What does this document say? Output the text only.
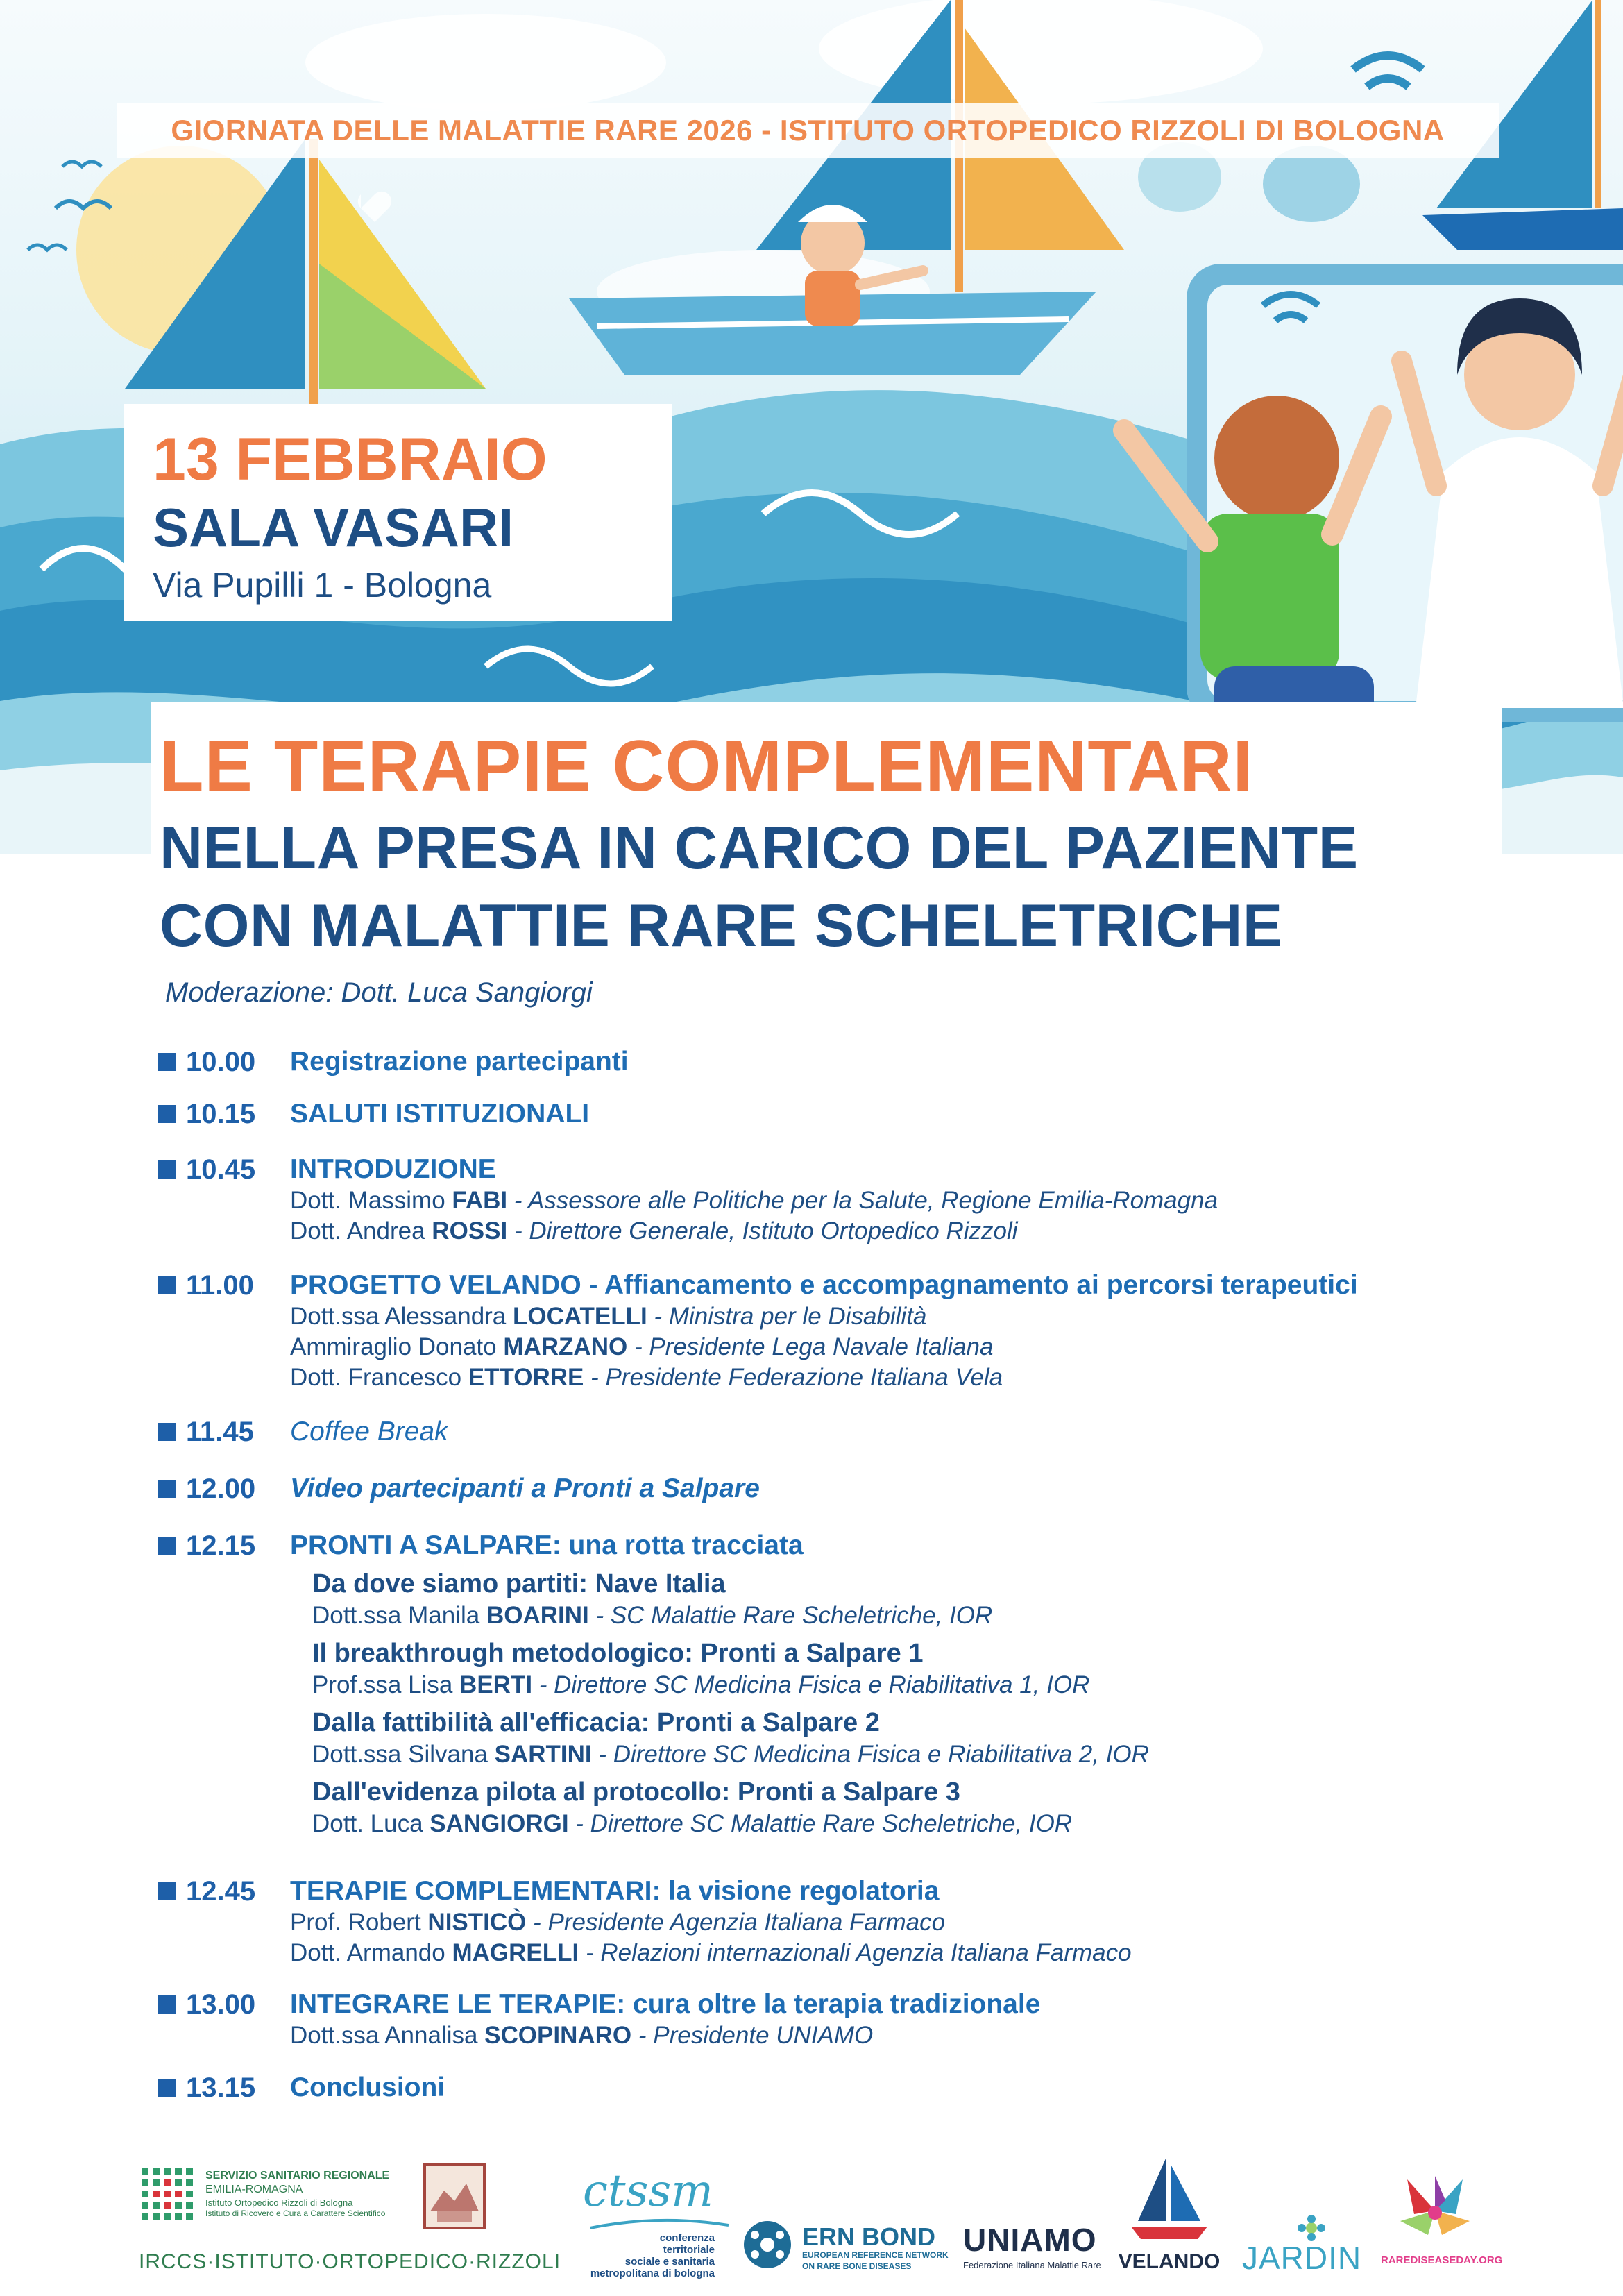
GIORNATA DELLE MALATTIE RARE 2026 - ISTITUTO ORTOPEDICO RIZZOLI DI BOLOGNA
13 FEBBRAIO
SALA VASARI
Via Pupilli 1 - Bologna
LE TERAPIE COMPLEMENTARI
NELLA PRESA IN CARICO DEL PAZIENTE
CON MALATTIE RARE SCHELETRICHE
Moderazione: Dott. Luca Sangiorgi
10.00 Registrazione partecipanti
10.15 SALUTI ISTITUZIONALI
10.45 INTRODUZIONE
Dott. Massimo FABI - Assessore alle Politiche per la Salute, Regione Emilia-Romagna
Dott. Andrea ROSSI - Direttore Generale, Istituto Ortopedico Rizzoli
11.00 PROGETTO VELANDO - Affiancamento e accompagnamento ai percorsi terapeutici
Dott.ssa Alessandra LOCATELLI - Ministra per le Disabilità
Ammiraglio Donato MARZANO - Presidente Lega Navale Italiana
Dott. Francesco ETTORRE - Presidente Federazione Italiana Vela
11.45 Coffee Break
12.00 Video partecipanti a Pronti a Salpare
12.15 PRONTI A SALPARE: una rotta tracciata
Da dove siamo partiti: Nave Italia
Dott.ssa Manila BOARINI - SC Malattie Rare Scheletriche, IOR
Il breakthrough metodologico: Pronti a Salpare 1
Prof.ssa Lisa BERTI - Direttore SC Medicina Fisica e Riabilitativa 1, IOR
Dalla fattibilità all'efficacia: Pronti a Salpare 2
Dott.ssa Silvana SARTINI - Direttore SC Medicina Fisica e Riabilitativa 2, IOR
Dall'evidenza pilota al protocollo: Pronti a Salpare 3
Dott. Luca SANGIORGI - Direttore SC Malattie Rare Scheletriche, IOR
12.45 TERAPIE COMPLEMENTARI: la visione regolatoria
Prof. Robert NISTICÒ - Presidente Agenzia Italiana Farmaco
Dott. Armando MAGRELLI - Relazioni internazionali Agenzia Italiana Farmaco
13.00 INTEGRARE LE TERAPIE: cura oltre la terapia tradizionale
Dott.ssa Annalisa SCOPINARO - Presidente UNIAMO
13.15 Conclusioni
SERVIZIO SANITARIO REGIONALE
EMILIA-ROMAGNA
Istituto Ortopedico Rizzoli di Bologna
Istituto di Ricovero e Cura a Carattere Scientifico
IRCCS·ISTITUTO·ORTOPEDICO·RIZZOLI
ctssm
conferenza
territoriale
sociale e sanitaria
metropolitana di bologna
ERN BOND
EUROPEAN REFERENCE NETWORK
ON RARE BONE DISEASES
UNIAMO
Federazione Italiana Malattie Rare VELANDO JARDIN RAREDISEASEDAY.ORG
